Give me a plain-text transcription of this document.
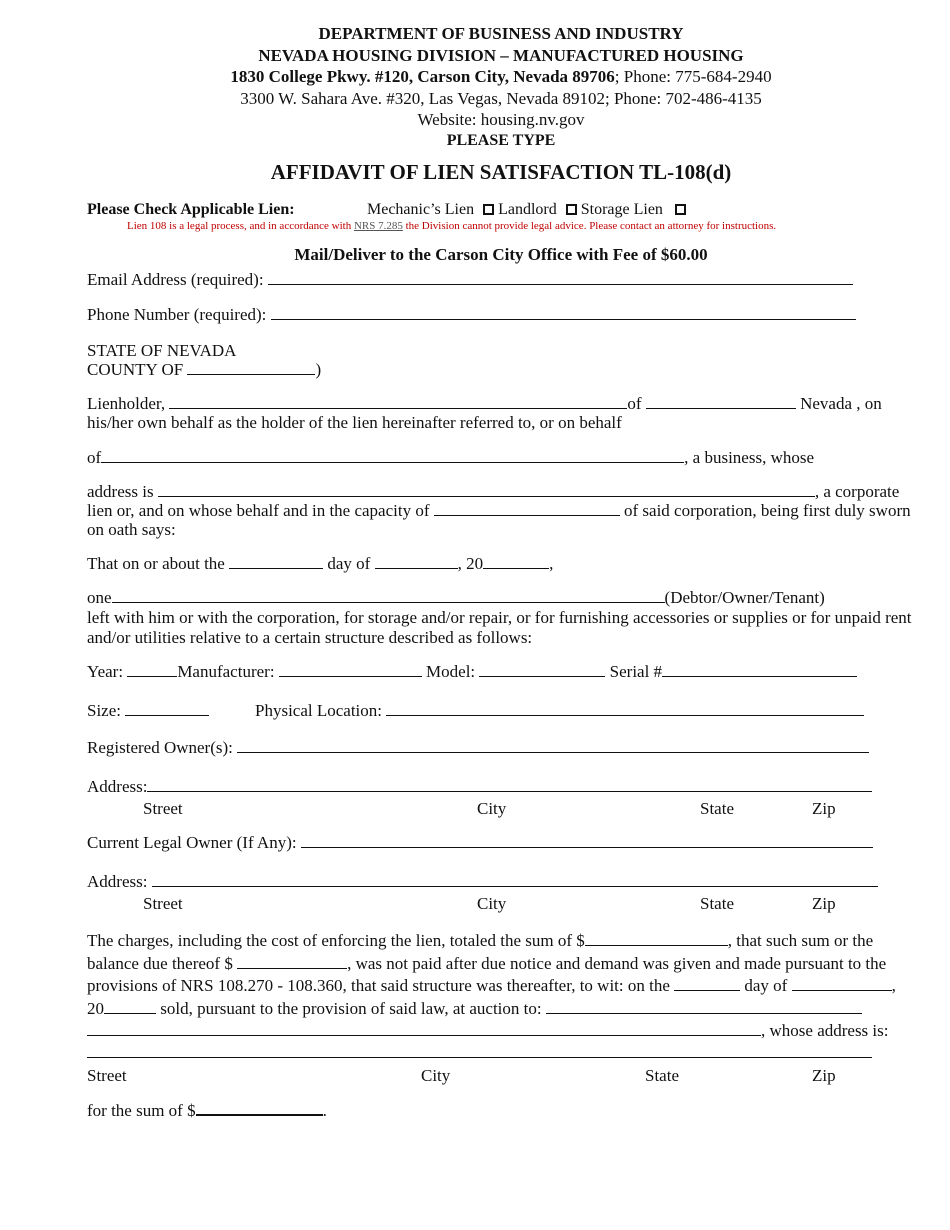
DEPARTMENT OF BUSINESS AND INDUSTRY
NEVADA HOUSING DIVISION – MANUFACTURED HOUSING
1830 College Pkwy. #120, Carson City, Nevada 89706; Phone: 775-684-2940
3300 W. Sahara Ave. #320, Las Vegas, Nevada 89102; Phone: 702-486-4135
Website: housing.nv.gov
PLEASE TYPE
AFFIDAVIT OF LIEN SATISFACTION TL-108(d)
Please Check Applicable Lien:	Mechanic’s Lien Landlord Storage Lien
Lien 108 is a legal process, and in accordance with NRS 7.285 the Division cannot provide legal advice. Please contact an attorney for instructions.
Mail/Deliver to the Carson City Office with Fee of $60.00
Email Address (required):
Phone Number (required):
STATE OF NEVADA
COUNTY OF	)
Lienholder,	of	Nevada , on
his/her own behalf as the holder of the lien hereinafter referred to, or on behalf
of	, a business, whose
address is	, a corporate
lien or, and on whose behalf and in the capacity of	of said corporation, being first duly sworn
on oath says:
That on or about the	day of	, 20	,
one	(Debtor/Owner/Tenant)
left with him or with the corporation, for storage and/or repair, or for furnishing accessories or supplies or for unpaid rent
and/or utilities relative to a certain structure described as follows:
Year:	Manufacturer:	Model:	Serial #
Size:	Physical Location:
Registered Owner(s):
Address:
Street	City	State	Zip
Current Legal Owner (If Any):
Address:
Street	City	State	Zip
The charges, including the cost of enforcing the lien, totaled the sum of $	, that such sum or the
balance due thereof $	, was not paid after due notice and demand was given and made pursuant to the
provisions of NRS 108.270 - 108.360, that said structure was thereafter, to wit: on the	day of	,
20	sold, pursuant to the provision of said law, at auction to:
, whose address is:
Street	City	State	Zip
for the sum of $	.
